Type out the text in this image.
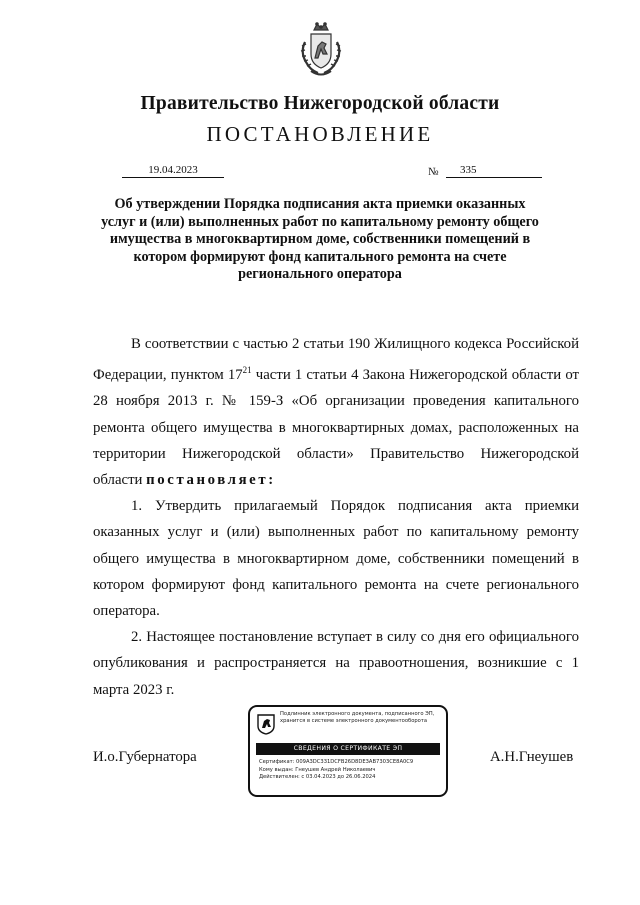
Правительство Нижегородской области
ПОСТАНОВЛЕНИЕ
19.04.2023	№	335
Об утверждении Порядка подписания акта приемки оказанных услуг и (или) выполненных работ по капитальному ремонту общего имущества в многоквартирном доме, собственники помещений в котором формируют фонд капитального ремонта на счете регионального оператора

В соответствии с частью 2 статьи 190 Жилищного кодекса Российской Федерации, пунктом $17^{21}$ части 1 статьи 4 Закона Нижегородской области от 28 ноября 2013 г. № 159-З «Об организации проведения капитального ремонта общего имущества в многоквартирных домах, расположенных на территории Нижегородской области» Правительство Нижегородской области постановляет:

1. Утвердить прилагаемый Порядок подписания акта приемки оказанных услуг и (или) выполненных работ по капитальному ремонту общего имущества в многоквартирном доме, собственники помещений в котором формируют фонд капитального ремонта на счете регионального оператора.

2. Настоящее постановление вступает в силу со дня его официального опубликования и распространяется на правоотношения, возникшие с 1 марта 2023 г.

И.о.Губернатора	А.Н.Гнеушев
Подлинник электронного документа, подписанного ЭП, хранится в системе электронного документооборота
СВЕДЕНИЯ О СЕРТИФИКАТЕ ЭП
Сертификат: 009A3DC331DCFB26D8DE3AB7303CE8A0C9
Кому выдан: Гнеушев Андрей Николаевич
Действителен: с 03.04.2023 до 26.06.2024
